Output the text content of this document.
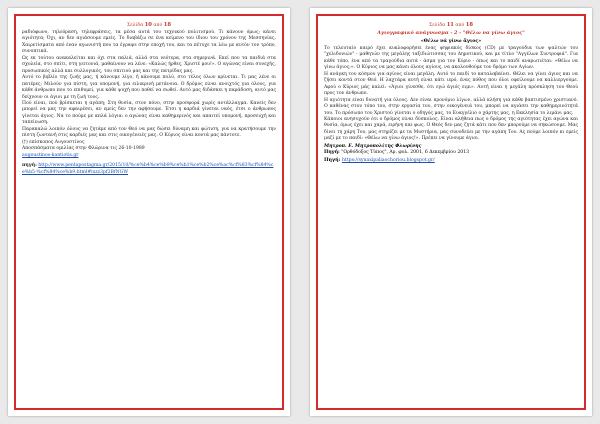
Σελίδα 10 από 18

ραδιόφωνο, τηλεόραση, τηλεφράσεις, τα μέσα αυτά του τεχνικού πολιτισμού. Τι κάνουν όμως; κάνει αγιότητα; Όχι, αν δεν αγιάσουμε εμείς. Το διαβάζω σε ένα κείμενο του ίδιου του χρόνου της Μεσσηνίας. Χαιρετίσματα από έναν αγωνιστή που τα έγραψε στην εποχή του, και τα πέτυχε τα λέω με αυτόν τον τρόπο, συνοπτικά.

Ως εκ τούτου ανακαλείται και όχι στα παλιά, αλλά στα νεότερα, στα σημερινά. Εκεί που τα παιδιά στα σχολεία, στο σπίτι, στη γειτονιά, μαθαίνουν να λένε: «Καλώς ήρθες, Χριστέ μου!». Ο αγώνας είναι συνεχής, προσωπικός αλλά και συλλογικός, του σπιτιού μας και της πατρίδας μας.

Αυτό το βιβλίο της ζωής μας, ή κάνουμε λίγο, ή κάνουμε πολύ, στο τέλος όλων κρίνεται. Τι μας λένε οι πατέρες; Μιλούν για πίστη, για υπομονή, για ειλικρινή μετάνοια. Ο δρόμος είναι ανοιχτός για όλους, για κάθε άνθρωπο που το επιθυμεί, για κάθε ψυχή που ποθεί να σωθεί. Αυτό μας διδάσκει η παράδοση, αυτό μας δείχνουν οι άγιοι με τη ζωή τους.

Πού είναι, πού βρίσκεται η αγάπη; Στη θυσία, στον πόνο, στην προσφορά χωρίς αντάλλαγμα. Κανείς δεν μπορεί να μας την αφαιρέσει, αν εμείς δεν την αφήσουμε. Έτσι η καρδιά γίνεται ναός, έτσι ο άνθρωπος γίνεται άγιος. Να το πούμε με απλά λόγια: ο αγώνας είναι καθημερινός και απαιτεί υπομονή, προσευχή και ταπείνωση.

Παρακαλώ λοιπόν όλους να ζητάμε από τον Θεό να μας δώσει δύναμη και φώτιση, για να κρατήσουμε την πίστη ζωντανή στις καρδιές μας και στις οικογένειές μας. Ο Κύριος είναι κοντά μας πάντοτε.

(†) επίσκοπος Αυγουστίνος

Αποσπάσματα ομιλίας στην Φλώρινα τις 26-10-1989

augoustinos-kantiotis.gr

πηγή: http://www.pentapostagma.gr/2015/10/%ce%b4%ce%b9%ce%b1%ce%b2%ce%ac%cf%83%cf%84%ce%b5-%cf%84%ce%b9.html#ixzz3pf2BfNGW
Σελίδα 11 από 18
Αγιογραφικό ανάγνωσμα - 2 - "Θέλω να γίνω άγιος"
«Θέλω νά γίνω ἅγιος»

Το τελευταίο καιρό έχει κυκλοφορήσει ένας ψηφιακός δίσκος (CD) με τραγούδια των ψαλτών του "χελιδονιών" - μαθητών της μεγάλης ταξιδιώτισσας του Δημοτικού, και με τίτλο "Αγγέλων Συντροφιά". Για κάθε τόπο, ένα από τα τραγούδια αυτά - άσμα για τον Κύριο - όπως και το παιδί αναρωτιέται: «Θέλω να γίνω άγιος;». Ο Κύριος να μας κάνει όλους αγίους, να ακολουθούμε τον δρόμο των Αγίων.

Η ανάγκη του κόσμου για αγίους είναι μεγάλη. Αυτό το παιδί το καταλαβαίνει. Θέλει να γίνει άγιος και να ζήσει κοντά στον Θεό. Η λαχτάρα αυτή είναι κάτι ιερό, ένας πόθος που όλοι οφείλουμε να καλλιεργούμε. Αφού ο Κύριος μάς καλεί: «Άγιοι γίνεσθε, ότι εγώ άγιός ειμι». Αυτή είναι η μεγάλη πρόσκληση του Θεού προς τον άνθρωπο.

Η αγιότητα είναι δυνατή για όλους. Δεν είναι προνόμιο λίγων, αλλά κλήση για κάθε βαπτισμένο χριστιανό. Ο καθένας στον τόπο του, στην εργασία του, στην οικογένειά του, μπορεί να αγιάσει την καθημερινότητά του. Το πρόσωπο του Χριστού γίνεται ο οδηγός μας, το Ευαγγέλιο ο χάρτης μας, η Εκκλησία το λιμάνι μας.

Κάποιοι ανησυχούν ότι ο δρόμος είναι δύσκολος. Είναι αλήθεια πως ο δρόμος της αγιότητας έχει αγώνα και θυσία, όμως έχει και χαρά, ειρήνη και φως. Ο Θεός δεν μας ζητά κάτι που δεν μπορούμε να σηκώσουμε. Μας δίνει τη χάρη Του, μας στηρίζει με τα Μυστήρια, μας συνοδεύει με την αγάπη Του. Ας πούμε λοιπόν κι εμείς μαζί με το παιδί: «Θέλω να γίνω άγιος!». Πρέπει να γίνουμε άγιοι.

Μητροπ. Ε. Μητροπολίτης Φλωρίνης
Πηγή: "Ορθόδοξος Τύπος", Αρ. φυλ. 2001, 6 Δεκεμβρίου 2013
Πηγή: https://synaxipaliaochoriou.blogspot.gr/
